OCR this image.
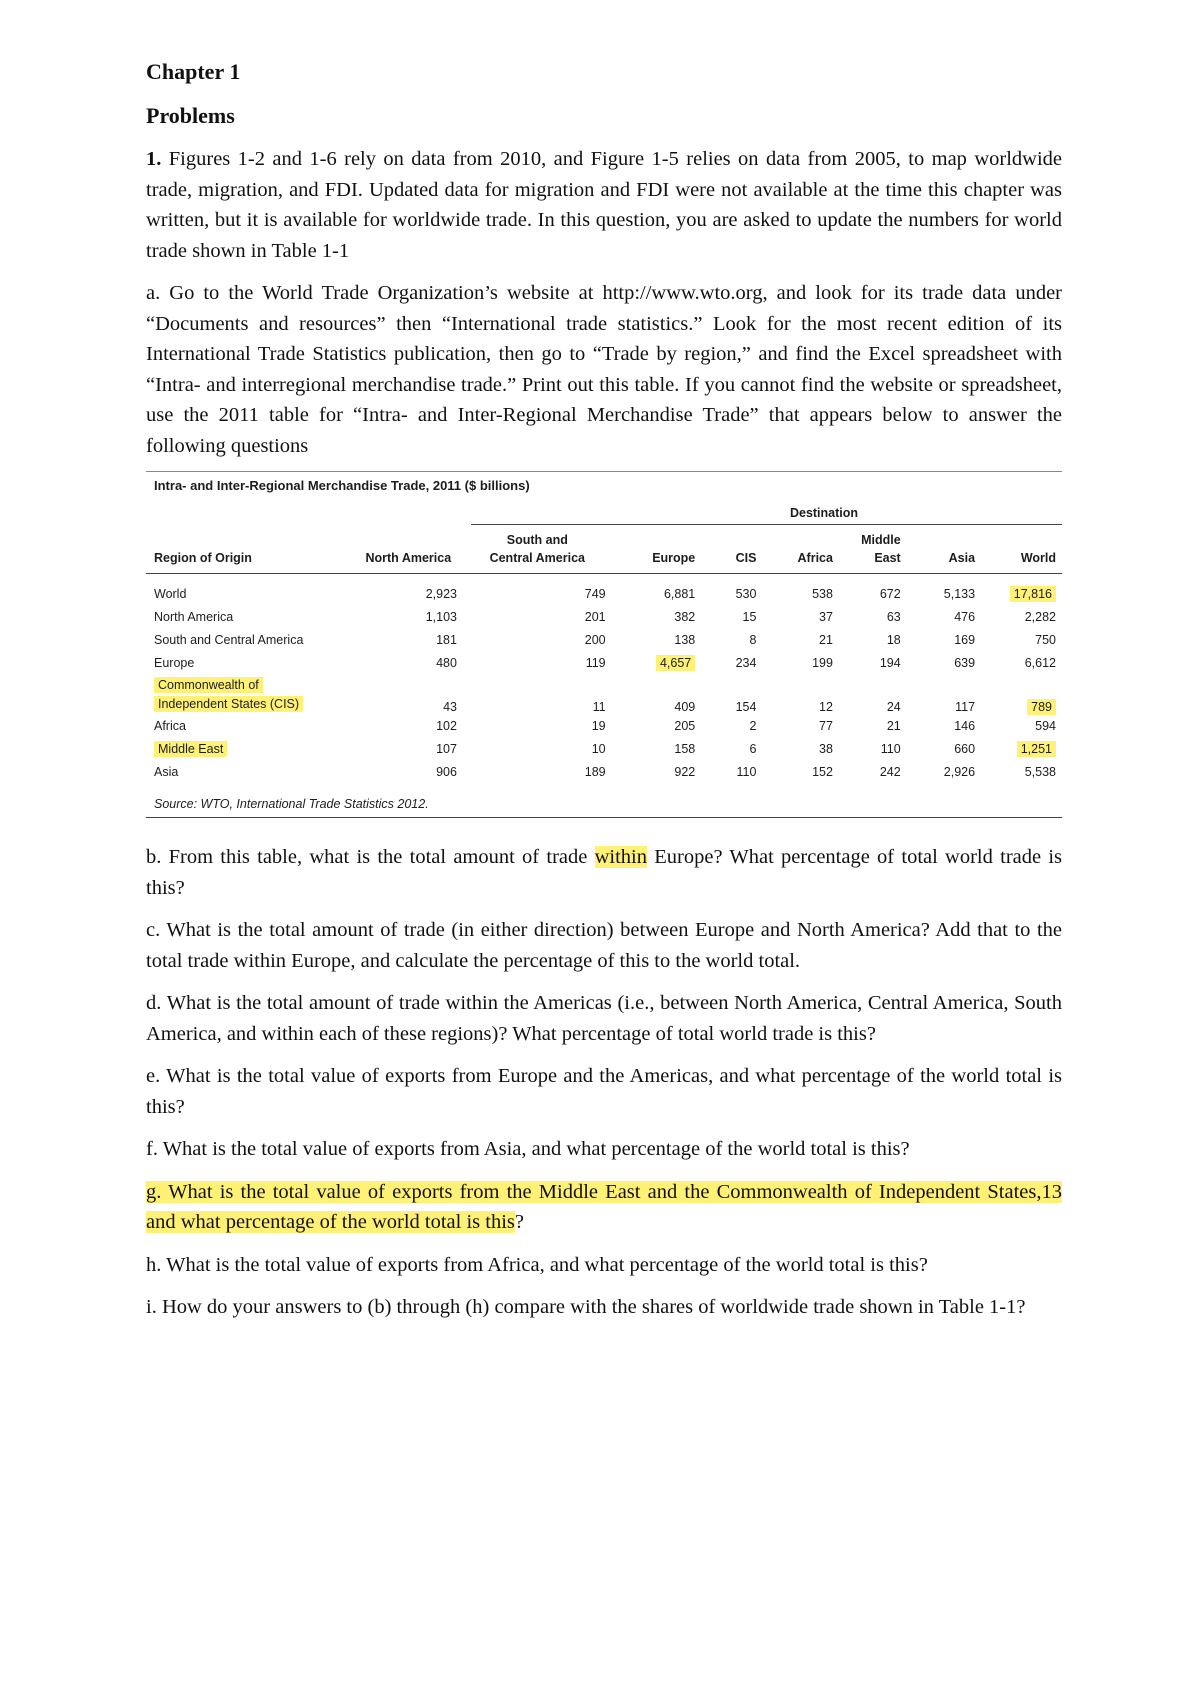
Chapter 1
Problems

1. Figures 1-2 and 1-6 rely on data from 2010, and Figure 1-5 relies on data from 2005, to map worldwide trade, migration, and FDI. Updated data for migration and FDI were not available at the time this chapter was written, but it is available for worldwide trade. In this question, you are asked to update the numbers for world trade shown in Table 1-1

a. Go to the World Trade Organization’s website at http://www.wto.org, and look for its trade data under “Documents and resources” then “International trade statistics.” Look for the most recent edition of its International Trade Statistics publication, then go to “Trade by region,” and find the Excel spreadsheet with “Intra- and interregional merchandise trade.” Print out this table. If you cannot find the website or spreadsheet, use the 2011 table for “Intra- and Inter-Regional Merchandise Trade” that appears below to answer the following questions

Intra- and Inter-Regional Merchandise Trade, 2011 ($ billions)
Destination
Region of Origin	North America	South and
Central America	Europe	CIS	Africa	Middle
East	Asia	World

World	2,923	749	6,881	530	538	672	5,133	17,816
North America	1,103	201	382	15	37	63	476	2,282
South and Central America	181	200	138	8	21	18	169	750
Europe	480	119	4,657	234	199	194	639	6,612
Commonwealth of
Independent States (CIS)	43	11	409	154	12	24	117	789
Africa	102	19	205	2	77	21	146	594
Middle East	107	10	158	6	38	110	660	1,251
Asia	906	189	922	110	152	242	2,926	5,538
Source: WTO, International Trade Statistics 2012.

b. From this table, what is the total amount of trade within Europe? What percentage of total world trade is this?

c. What is the total amount of trade (in either direction) between Europe and North America? Add that to the total trade within Europe, and calculate the percentage of this to the world total.

d. What is the total amount of trade within the Americas (i.e., between North America, Central America, South America, and within each of these regions)? What percentage of total world trade is this?

e. What is the total value of exports from Europe and the Americas, and what percentage of the world total is this?

f. What is the total value of exports from Asia, and what percentage of the world total is this?

g. What is the total value of exports from the Middle East and the Commonwealth of Independent States,13 and what percentage of the world total is this?

h. What is the total value of exports from Africa, and what percentage of the world total is this?

i. How do your answers to (b) through (h) compare with the shares of worldwide trade shown in Table 1-1?
